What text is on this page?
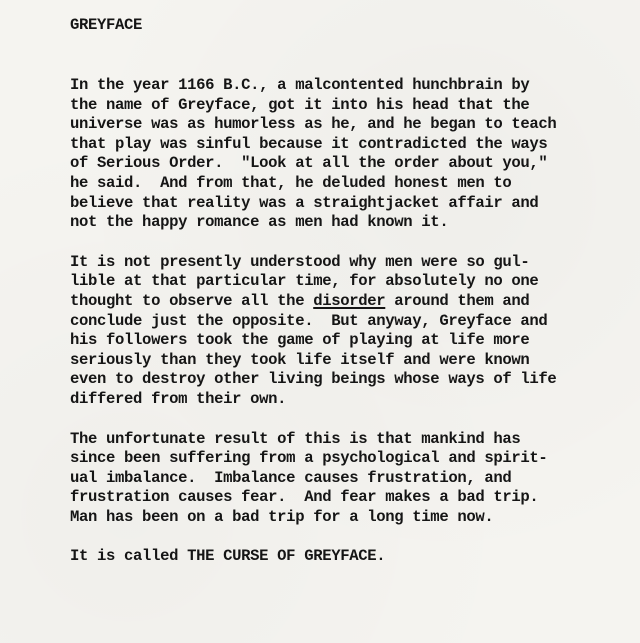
GREYFACE
In the year 1166 B.C., a malcontented hunchbrain by
the name of Greyface, got it into his head that the
universe was as humorless as he, and he began to teach
that play was sinful because it contradicted the ways
of Serious Order.  "Look at all the order about you,"
he said.  And from that, he deluded honest men to
believe that reality was a straightjacket affair and
not the happy romance as men had known it.
It is not presently understood why men were so gul-
lible at that particular time, for absolutely no one
thought to observe all the disorder around them and
conclude just the opposite.  But anyway, Greyface and
his followers took the game of playing at life more
seriously than they took life itself and were known
even to destroy other living beings whose ways of life
differed from their own.
The unfortunate result of this is that mankind has
since been suffering from a psychological and spirit-
ual imbalance.  Imbalance causes frustration, and
frustration causes fear.  And fear makes a bad trip.
Man has been on a bad trip for a long time now.
It is called THE CURSE OF GREYFACE.
